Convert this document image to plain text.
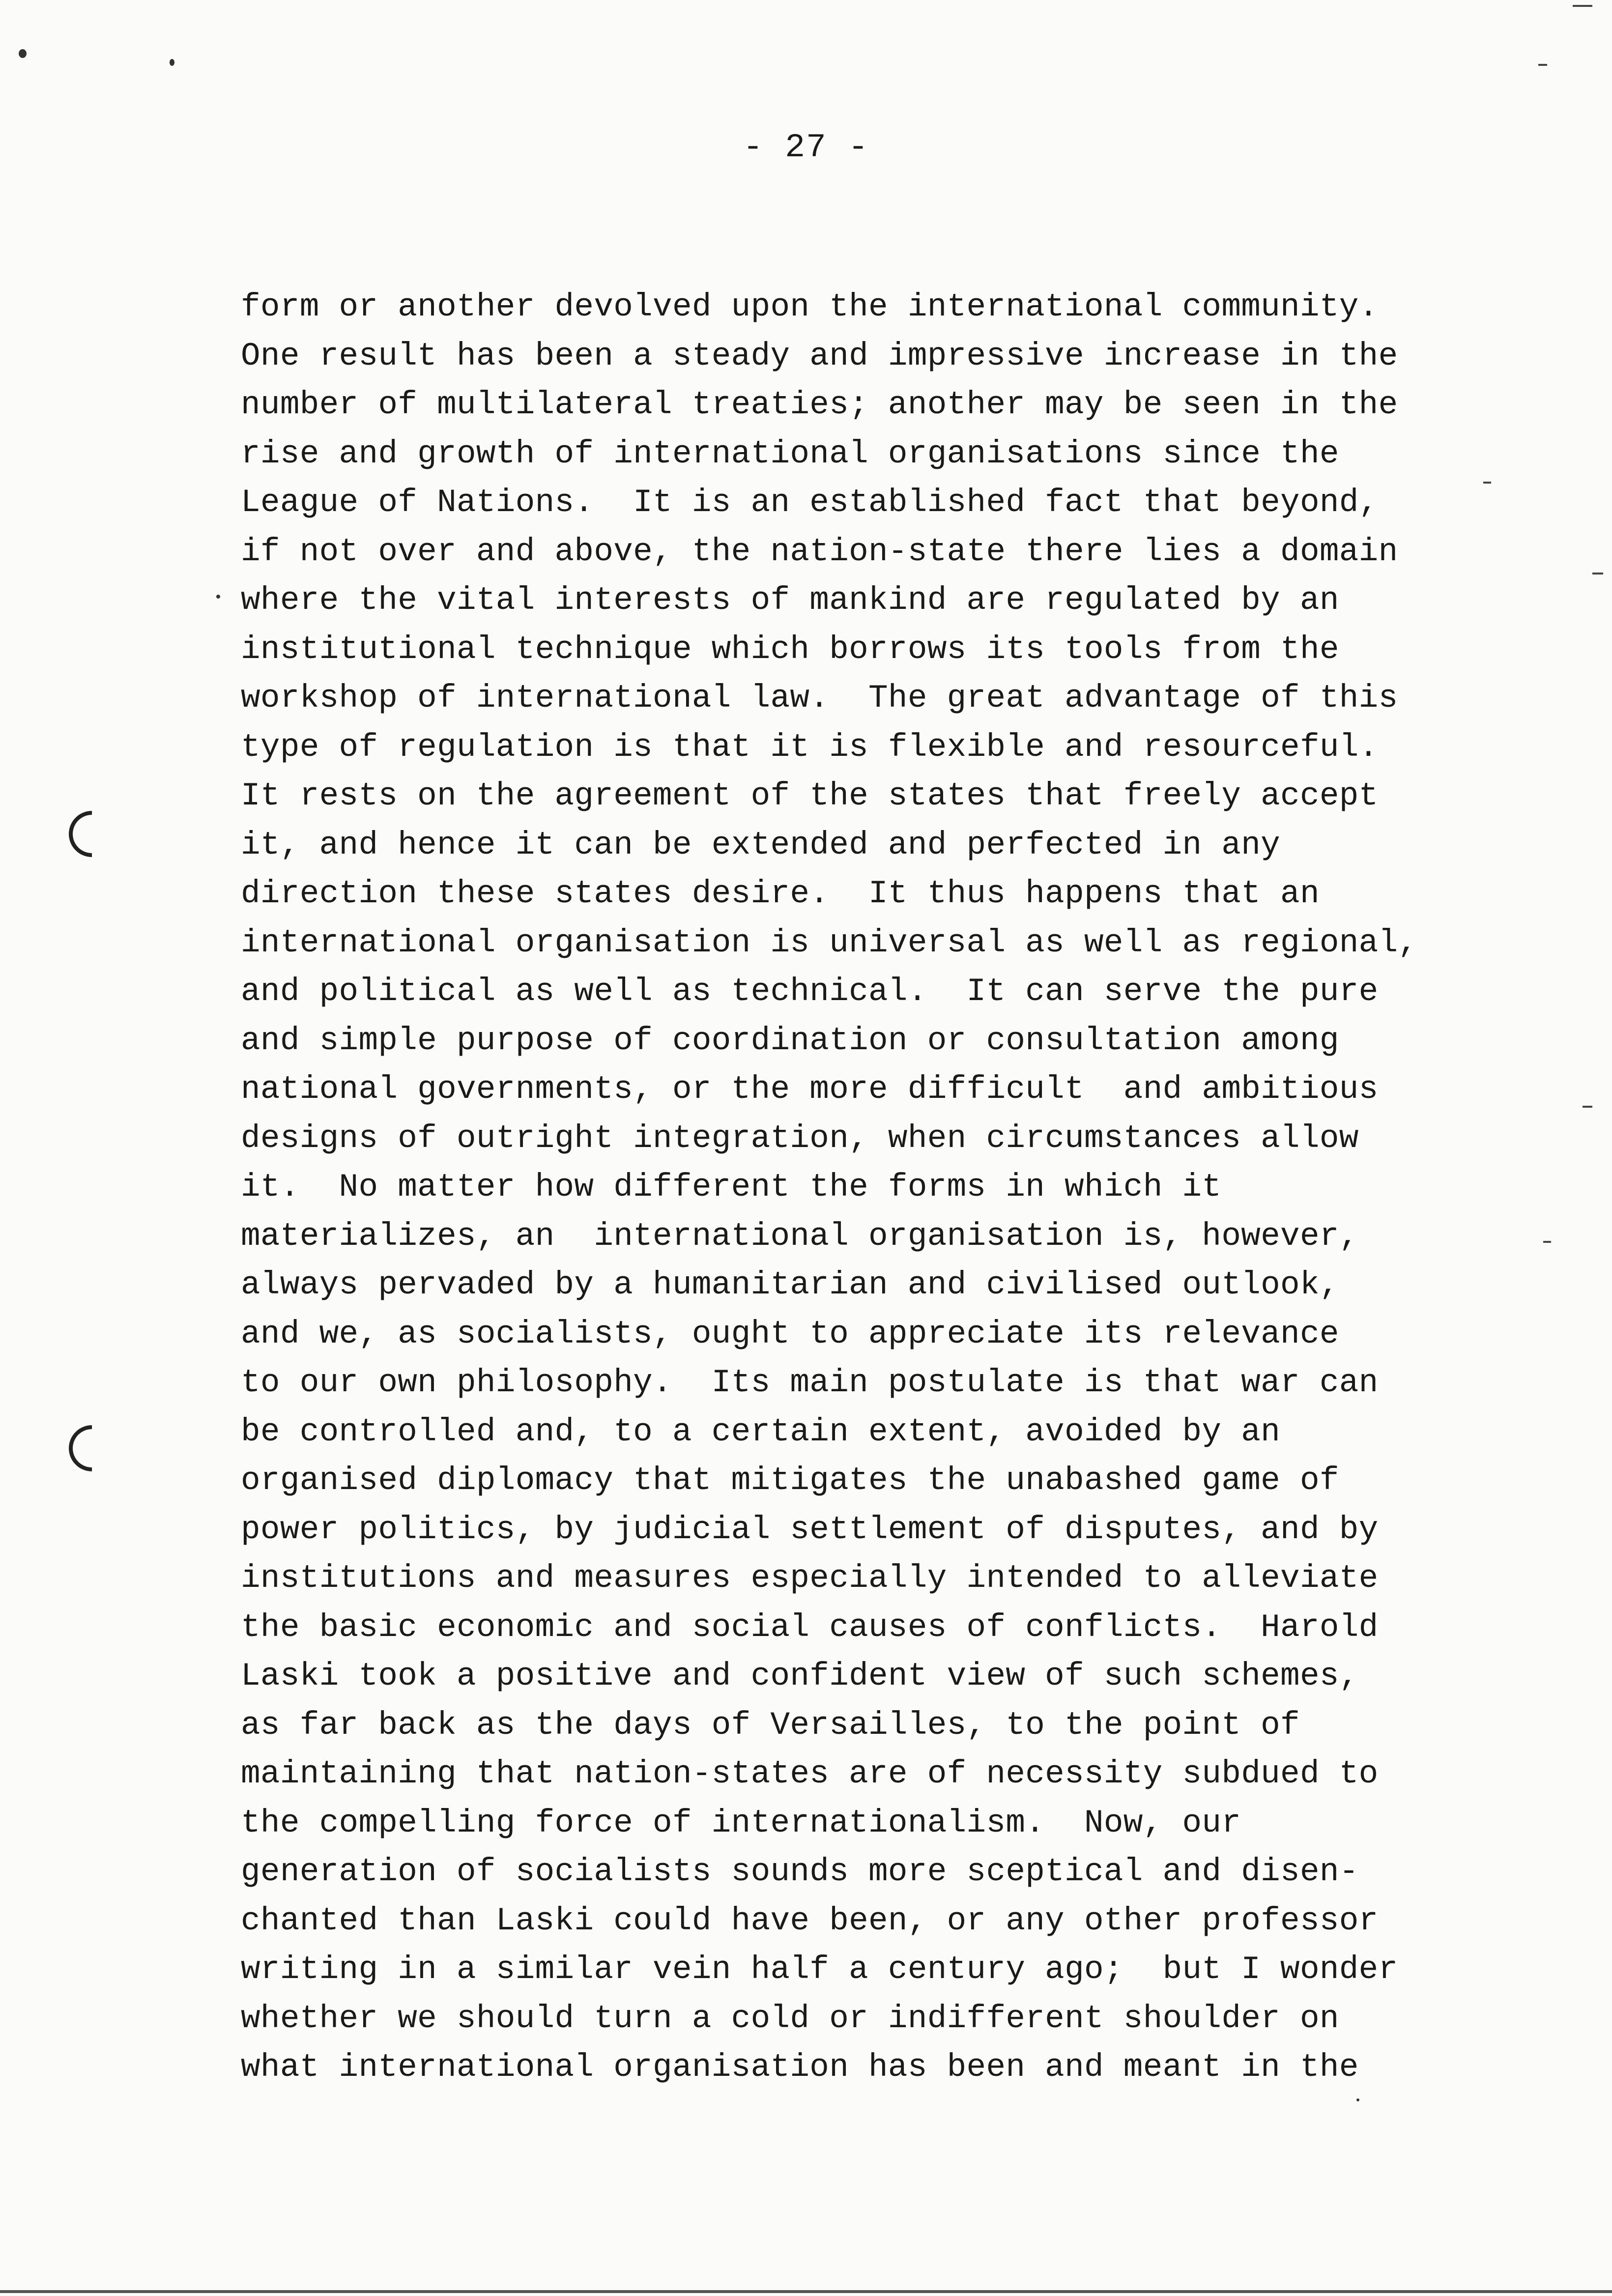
- 27 -
form or another devolved upon the international community.
One result has been a steady and impressive increase in the
number of multilateral treaties; another may be seen in the
rise and growth of international organisations since the
League of Nations.  It is an established fact that beyond,
if not over and above, the nation-state there lies a domain
where the vital interests of mankind are regulated by an
institutional technique which borrows its tools from the
workshop of international law.  The great advantage of this
type of regulation is that it is flexible and resourceful.
It rests on the agreement of the states that freely accept
it, and hence it can be extended and perfected in any
direction these states desire.  It thus happens that an
international organisation is universal as well as regional,
and political as well as technical.  It can serve the pure
and simple purpose of coordination or consultation among
national governments, or the more difficult  and ambitious
designs of outright integration, when circumstances allow
it.  No matter how different the forms in which it
materializes, an  international organisation is, however,
always pervaded by a humanitarian and civilised outlook,
and we, as socialists, ought to appreciate its relevance
to our own philosophy.  Its main postulate is that war can
be controlled and, to a certain extent, avoided by an
organised diplomacy that mitigates the unabashed game of
power politics, by judicial settlement of disputes, and by
institutions and measures especially intended to alleviate
the basic economic and social causes of conflicts.  Harold
Laski took a positive and confident view of such schemes,
as far back as the days of Versailles, to the point of
maintaining that nation-states are of necessity subdued to
the compelling force of internationalism.  Now, our
generation of socialists sounds more sceptical and disen-
chanted than Laski could have been, or any other professor
writing in a similar vein half a century ago;  but I wonder
whether we should turn a cold or indifferent shoulder on
what international organisation has been and meant in the
